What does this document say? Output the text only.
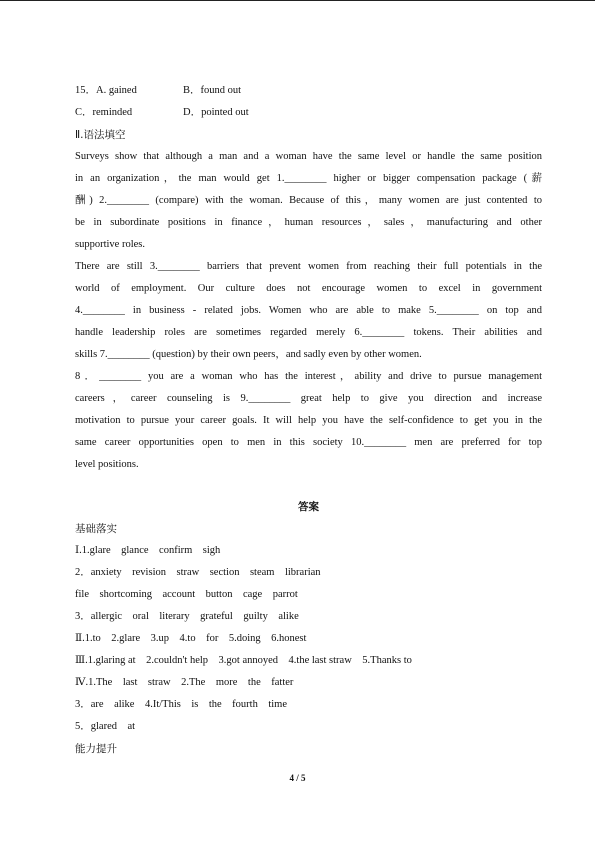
15．A. gained	B．found out
C．reminded	D．pointed out
Ⅱ.语法填空
Surveys show that although a man and a woman have the same level or handle the same position
in an organization，the man would get 1.________ higher or bigger compensation package (薪
酬) 2.________ (compare) with the woman. Because of this，many women are just contented to
be in subordinate positions in finance，human resources，sales，manufacturing and other
supportive roles.
There are still 3.________ barriers that prevent women from reaching their full potentials in the
world of employment. Our culture does not encourage women to excel in government
4.________ in business - related jobs. Women who are able to make 5.________ on top and
handle leadership roles are sometimes regarded merely 6.________ tokens. Their abilities and
skills 7.________ (question) by their own peers，and sadly even by other women.
8．________ you are a woman who has the interest，ability and drive to pursue management
careers，career counseling is 9.________ great help to give you direction and increase
motivation to pursue your career goals. It will help you have the self-confidence to get you in the
same career opportunities open to men in this society 10.________ men are preferred for top
level positions.
答案
基础落实
Ⅰ.1.glare　glance　confirm　sigh
2．anxiety　revision　straw　section　steam　librarian
file　shortcoming　account　button　cage　parrot
3．allergic　oral　literary　grateful　guilty　alike
Ⅱ.1.to　2.glare　3.up　4.to　for　5.doing　6.honest
Ⅲ.1.glaring at　2.couldn't help　3.got annoyed　4.the last straw　5.Thanks to
Ⅳ.1.The　last　straw　2.The　more　the　fatter
3．are　alike　4.It/This　is　the　fourth　time
5．glared　at
能力提升
4 / 5
